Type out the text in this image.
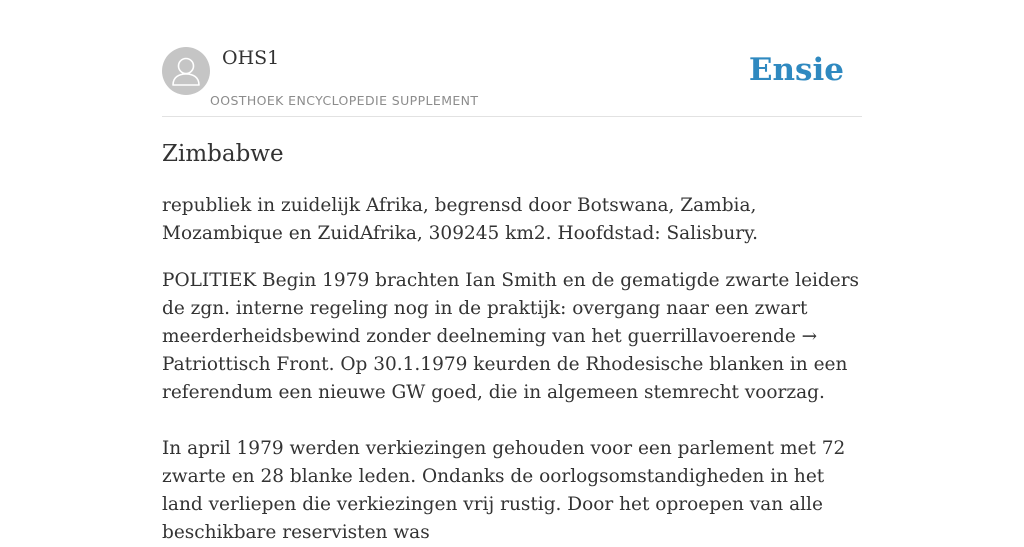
OHS1
OOSTHOEK ENCYCLOPEDIE SUPPLEMENT
Ensie
Zimbabwe

republiek in zuidelijk Afrika, begrensd door Botswana, Zambia, Mozambique en ZuidAfrika, 309245 km2. Hoofdstad: Salisbury.

POLITIEK Begin 1979 brachten Ian Smith en de gematigde zwarte leiders de zgn. interne regeling nog in de praktijk: overgang naar een zwart meerderheidsbewind zonder deelneming van het guerrillavoerende → Patriottisch Front. Op 30.1.1979 keurden de Rhodesische blanken in een referendum een nieuwe GW goed, die in algemeen stemrecht voorzag.

In april 1979 werden verkiezingen gehouden voor een parlement met 72 zwarte en 28 blanke leden. Ondanks de oorlogsomstandigheden in het land verliepen die verkiezingen vrij rustig. Door het oproepen van alle beschikbare reservisten was
